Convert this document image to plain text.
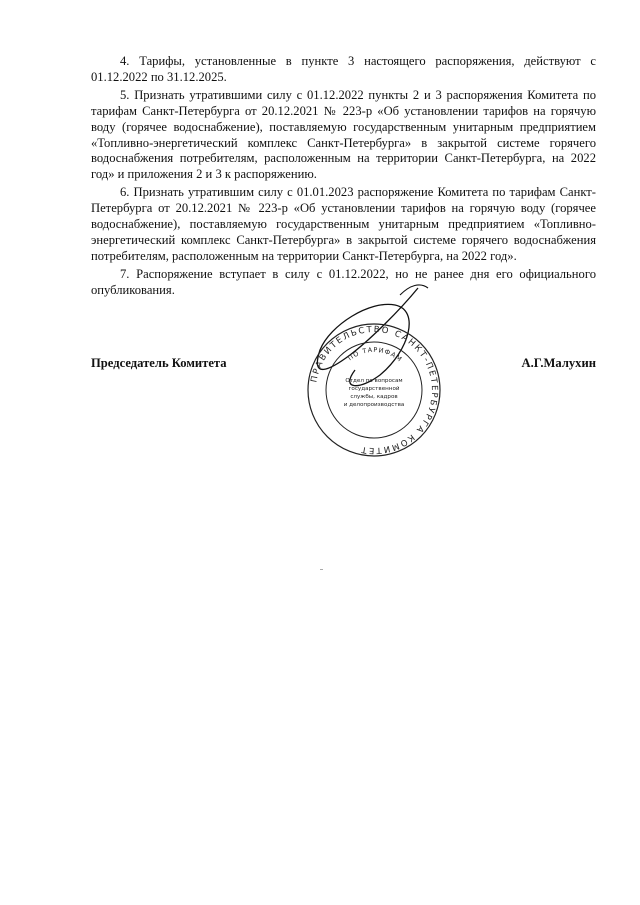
4. Тарифы, установленные в пункте 3 настоящего распоряжения, действуют с 01.12.2022 по 31.12.2025.

5. Признать утратившими силу с 01.12.2022 пункты 2 и 3 распоряжения Комитета по тарифам Санкт-Петербурга от 20.12.2021 № 223-р «Об установлении тарифов на горячую воду (горячее водоснабжение), поставляемую государственным унитарным предприятием «Топливно-энергетический комплекс Санкт-Петербурга» в закрытой системе горячего водоснабжения потребителям, расположенным на территории Санкт-Петербурга, на 2022 год» и приложения 2 и 3 к распоряжению.

6. Признать утратившим силу с 01.01.2023 распоряжение Комитета по тарифам Санкт-Петербурга от 20.12.2021 № 223-р «Об установлении тарифов на горячую воду (горячее водоснабжение), поставляемую государственным унитарным предприятием «Топливно-энергетический комплекс Санкт-Петербурга» в закрытой системе горячего водоснабжения потребителям, расположенным на территории Санкт-Петербурга, на 2022 год».

7. Распоряжение вступает в силу с 01.12.2022, но не ранее дня его официального опубликования.

Председатель Комитета	А.Г.Малухин
ПРАВИТЕЛЬСТВО САНКТ-ПЕТЕРБУРГА КОМИТЕТ
ПО ТАРИФАМ
Отдел по вопросам
государственной
службы, кадров
и делопроизводства
